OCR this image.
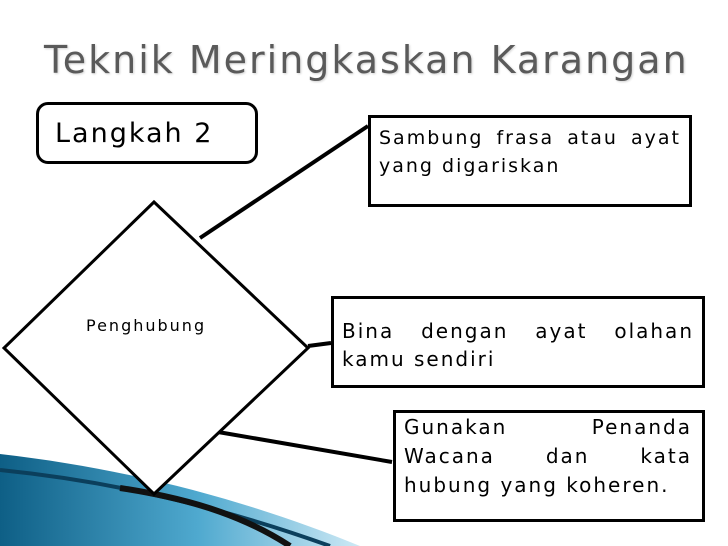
Teknik Meringkaskan Karangan
Langkah 2
Penghubung
Sambung frasa atau ayat yang digariskan
Bina dengan ayat olahan kamu sendiri
Gunakan Penanda Wacana dan kata hubung yang koheren.
